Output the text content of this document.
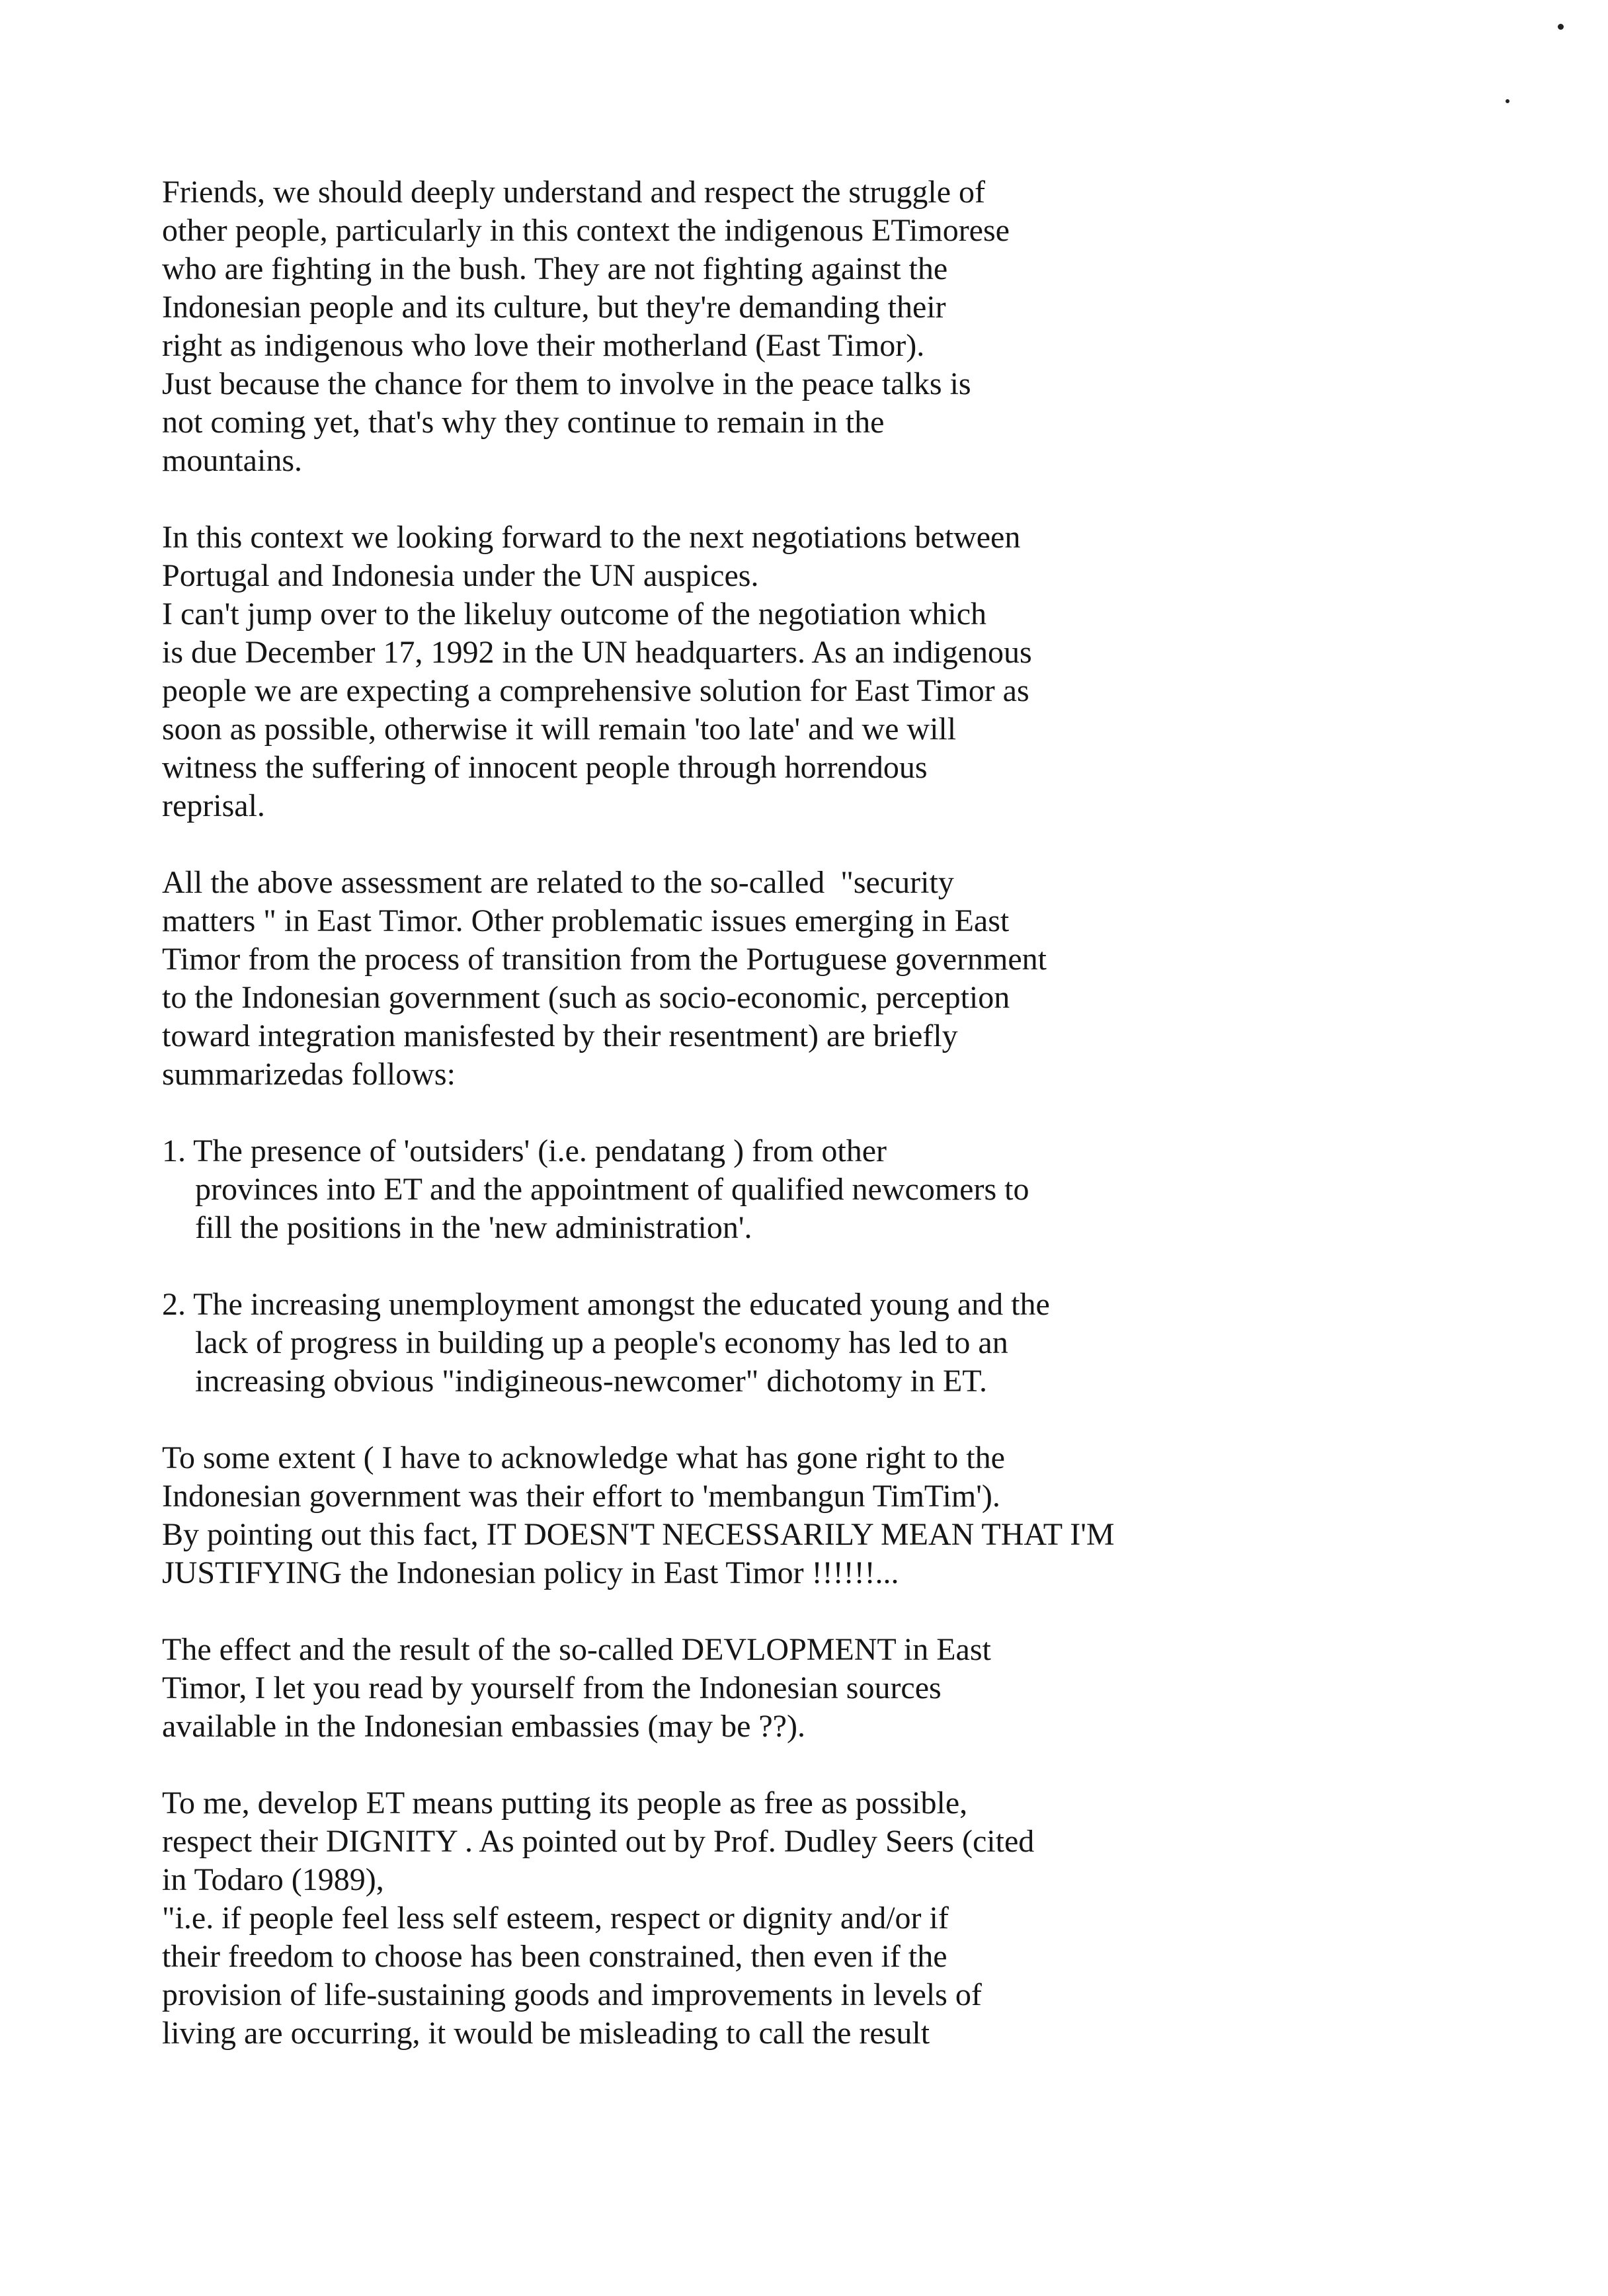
Friends, we should deeply understand and respect the struggle of
other people, particularly in this context the indigenous ETimorese
who are fighting in the bush. They are not fighting against the
Indonesian people and its culture, but they're demanding their
right as indigenous who love their motherland (East Timor).
Just because the chance for them to involve in the peace talks is
not coming yet, that's why they continue to remain in the
mountains.
In this context we looking forward to the next negotiations between
Portugal and Indonesia under the UN auspices.
I can't jump over to the likeluy outcome of the negotiation which
is due December 17, 1992 in the UN headquarters. As an indigenous
people we are expecting a comprehensive solution for East Timor as
soon as possible, otherwise it will remain 'too late' and we will
witness the suffering of innocent people through horrendous
reprisal.
All the above assessment are related to the so-called  "security
matters " in East Timor. Other problematic issues emerging in East
Timor from the process of transition from the Portuguese government
to the Indonesian government (such as socio-economic, perception
toward integration manisfested by their resentment) are briefly
summarizedas follows:
1. The presence of 'outsiders' (i.e. pendatang ) from other
provinces into ET and the appointment of qualified newcomers to
fill the positions in the 'new administration'.
2. The increasing unemployment amongst the educated young and the
lack of progress in building up a people's economy has led to an
increasing obvious "indigineous-newcomer" dichotomy in ET.
To some extent ( I have to acknowledge what has gone right to the
Indonesian government was their effort to 'membangun TimTim').
By pointing out this fact, IT DOESN'T NECESSARILY MEAN THAT I'M
JUSTIFYING the Indonesian policy in East Timor !!!!!!...
The effect and the result of the so-called DEVLOPMENT in East
Timor, I let you read by yourself from the Indonesian sources
available in the Indonesian embassies (may be ??).
To me, develop ET means putting its people as free as possible,
respect their DIGNITY . As pointed out by Prof. Dudley Seers (cited
in Todaro (1989),
"i.e. if people feel less self esteem, respect or dignity and/or if
their freedom to choose has been constrained, then even if the
provision of life-sustaining goods and improvements in levels of
living are occurring, it would be misleading to call the result
